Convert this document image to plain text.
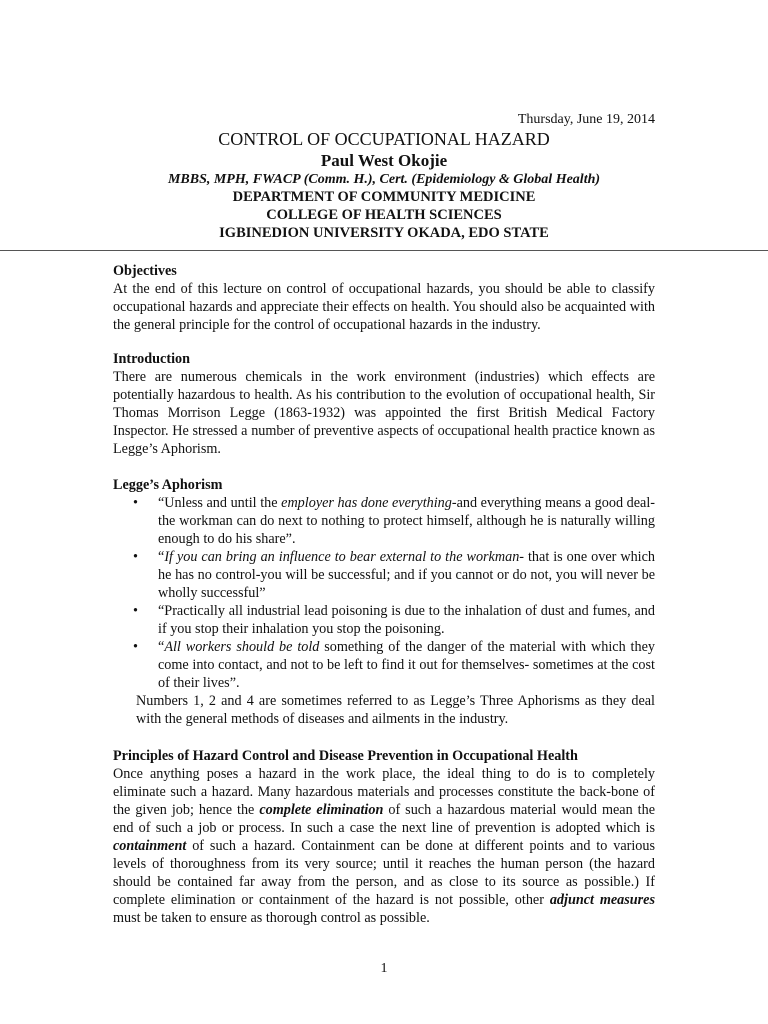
Thursday, June 19, 2014
CONTROL OF OCCUPATIONAL HAZARD
Paul West Okojie
MBBS, MPH, FWACP (Comm. H.), Cert. (Epidemiology & Global Health)
DEPARTMENT OF COMMUNITY MEDICINE
COLLEGE OF HEALTH SCIENCES
IGBINEDION UNIVERSITY OKADA, EDO STATE

Objectives

At the end of this lecture on control of occupational hazards, you should be able to classify occupational hazards and appreciate their effects on health. You should also be acquainted with the general principle for the control of occupational hazards in the industry.

Introduction

There are numerous chemicals in the work environment (industries) which effects are potentially hazardous to health. As his contribution to the evolution of occupational health, Sir Thomas Morrison Legge (1863-1932) was appointed the first British Medical Factory Inspector. He stressed a number of preventive aspects of occupational health practice known as Legge’s Aphorism.

Legge’s Aphorism

• “Unless and until the employer has done everything-and everything means a good deal-the workman can do next to nothing to protect himself, although he is naturally willing enough to do his share”.
• “If you can bring an influence to bear external to the workman- that is one over which he has no control-you will be successful; and if you cannot or do not, you will never be wholly successful”
• “Practically all industrial lead poisoning is due to the inhalation of dust and fumes, and if you stop their inhalation you stop the poisoning.
• “All workers should be told something of the danger of the material with which they come into contact, and not to be left to find it out for themselves- sometimes at the cost of their lives”.

Numbers 1, 2 and 4 are sometimes referred to as Legge’s Three Aphorisms as they deal with the general methods of diseases and ailments in the industry.

Principles of Hazard Control and Disease Prevention in Occupational Health

Once anything poses a hazard in the work place, the ideal thing to do is to completely eliminate such a hazard. Many hazardous materials and processes constitute the back-bone of the given job; hence the complete elimination of such a hazardous material would mean the end of such a job or process. In such a case the next line of prevention is adopted which is containment of such a hazard. Containment can be done at different points and to various levels of thoroughness from its very source; until it reaches the human person (the hazard should be contained far away from the person, and as close to its source as possible.) If complete elimination or containment of the hazard is not possible, other adjunct measures must be taken to ensure as thorough control as possible.

1
